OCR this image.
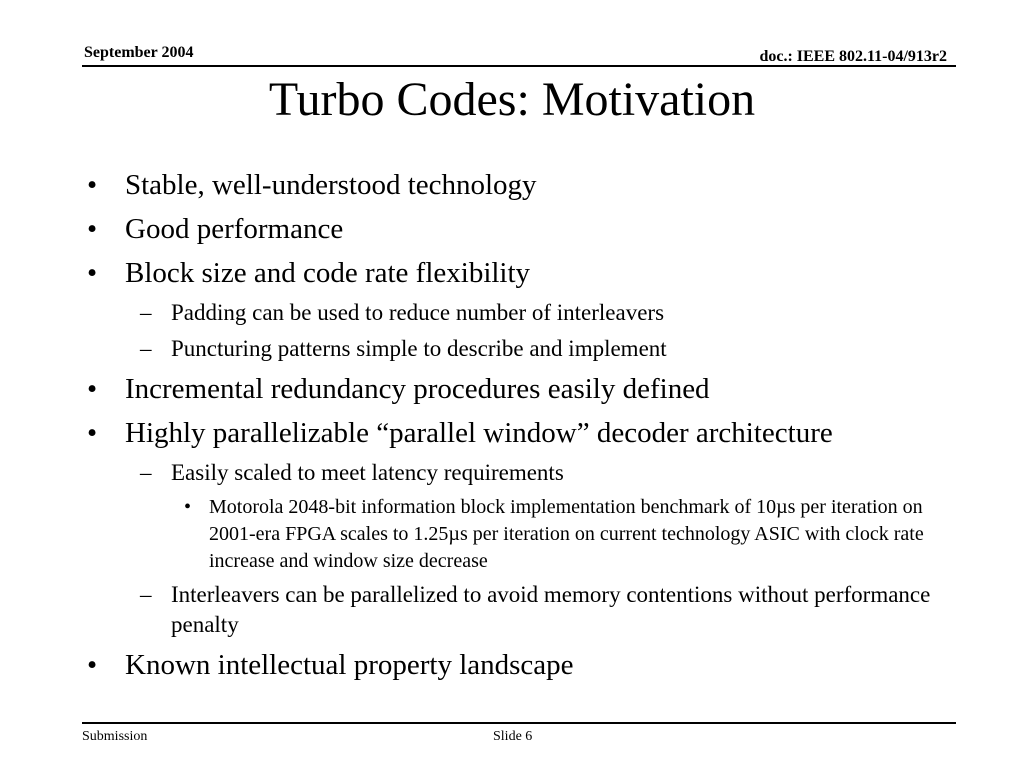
September 2004	doc.: IEEE 802.11-04/913r2
Turbo Codes: Motivation
• Stable, well-understood technology
• Good performance
• Block size and code rate flexibility
– Padding can be used to reduce number of interleavers
– Puncturing patterns simple to describe and implement
• Incremental redundancy procedures easily defined
• Highly parallelizable “parallel window” decoder architecture
– Easily scaled to meet latency requirements
• Motorola 2048-bit information block implementation benchmark of 10µs per iteration on 2001-era FPGA scales to 1.25µs per iteration on current technology ASIC with clock rate increase and window size decrease
– Interleavers can be parallelized to avoid memory contentions without performance penalty
• Known intellectual property landscape
Submission	Slide 6
